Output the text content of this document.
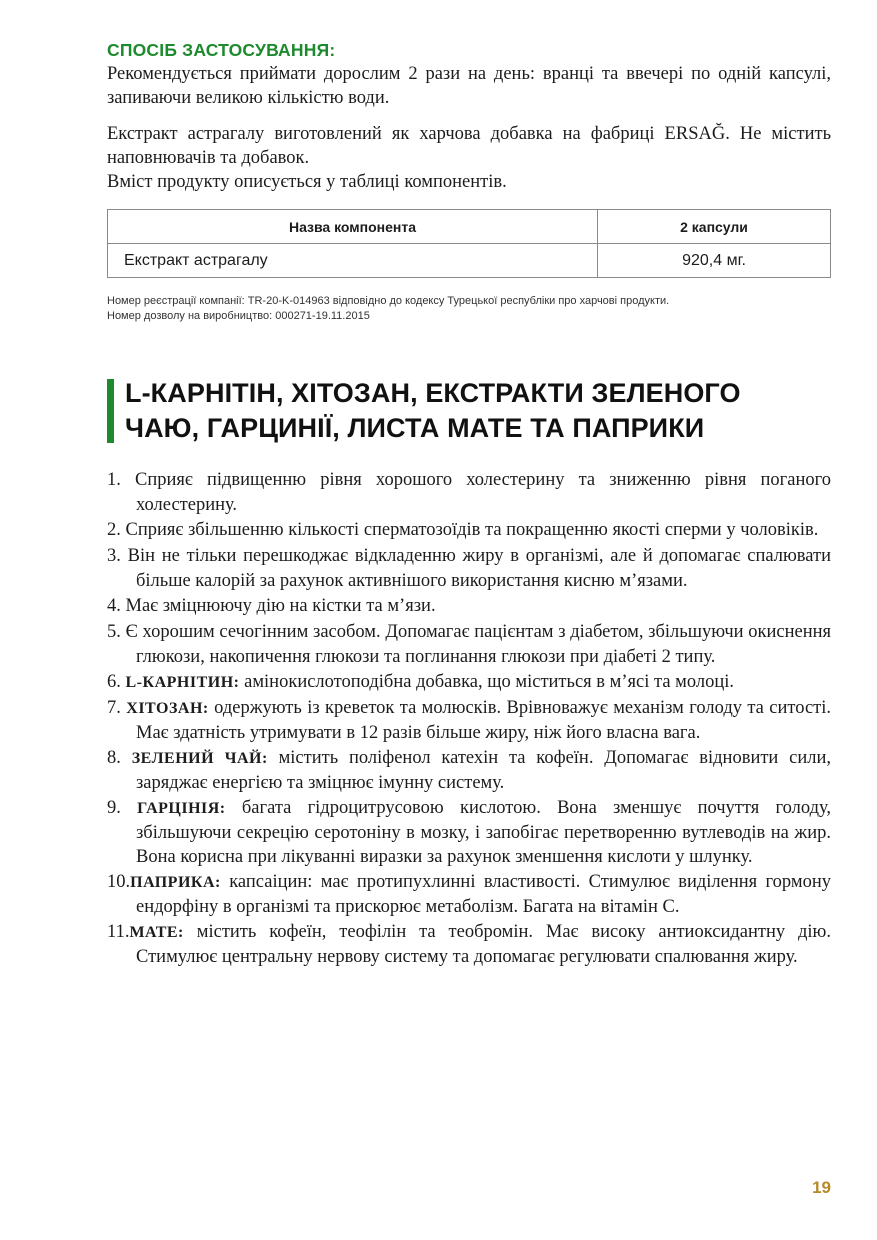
СПОСІБ ЗАСТОСУВАННЯ:

Рекомендується приймати дорослим 2 рази на день: вранці та ввечері по одній капсулі, запиваючи великою кількістю води.

Екстракт астрагалу виготовлений як харчова добавка на фабриці ERSAĞ. Не містить наповнювачів та добавок.

Вміст продукту описується у таблиці компонентів.

Назва компонента	2 капсули
Екстракт астрагалу	920,4 мг.
Номер реєстрації компанії: TR-20-K-014963 відповідно до кодексу Турецької республіки про харчові продукти.
Номер дозволу на виробництво: 000271-19.11.2015
L-КАРНІТІН, ХІТОЗАН, ЕКСТРАКТИ ЗЕЛЕНОГО
ЧАЮ, ГАРЦИНІЇ, ЛИСТА МАТЕ ТА ПАПРИКИ
1. Сприяє підвищенню рівня хорошого холестерину та зниженню рівня поганого холестерину.
2. Сприяє збільшенню кількості сперматозоїдів та покращенню якості сперми у чоловіків.
3. Він не тільки перешкоджає відкладенню жиру в організмі, але й допомагає спалювати більше калорій за рахунок активнішого використання кисню м’язами.
4. Має зміцнюючу дію на кістки та м’язи.
5. Є хорошим сечогінним засобом. Допомагає пацієнтам з діабетом, збільшуючи окиснення глюкози, накопичення глюкози та поглинання глюкози при діабеті 2 типу.
6. L-КАРНІТИН: амінокислотоподібна добавка, що міститься в м’ясі та молоці.
7. ХІТОЗАН: одержують із креветок та молюсків. Врівноважує механізм голоду та ситості. Має здатність утримувати в 12 разів більше жиру, ніж його власна вага.
8. ЗЕЛЕНИЙ ЧАЙ: містить поліфенол катехін та кофеїн. Допомагає відновити сили, заряджає енергією та зміцнює імунну систему.
9. ГАРЦІНІЯ: багата гідроцитрусовою кислотою. Вона зменшує почуття голоду, збільшуючи секрецію серотоніну в мозку, і запобігає перетворенню вутлеводів на жир. Вона корисна при лікуванні виразки за рахунок зменшення кислоти у шлунку.
10.ПАПРИКА: капсаіцин: має протипухлинні властивості. Стимулює виділення гормону ендорфіну в організмі та прискорює метаболізм. Багата на вітамін С.
11.МАТЕ: містить кофеїн, теофілін та теобромін. Має високу антиоксидантну дію. Стимулює центральну нервову систему та допомагає регулювати спалювання жиру.
19
